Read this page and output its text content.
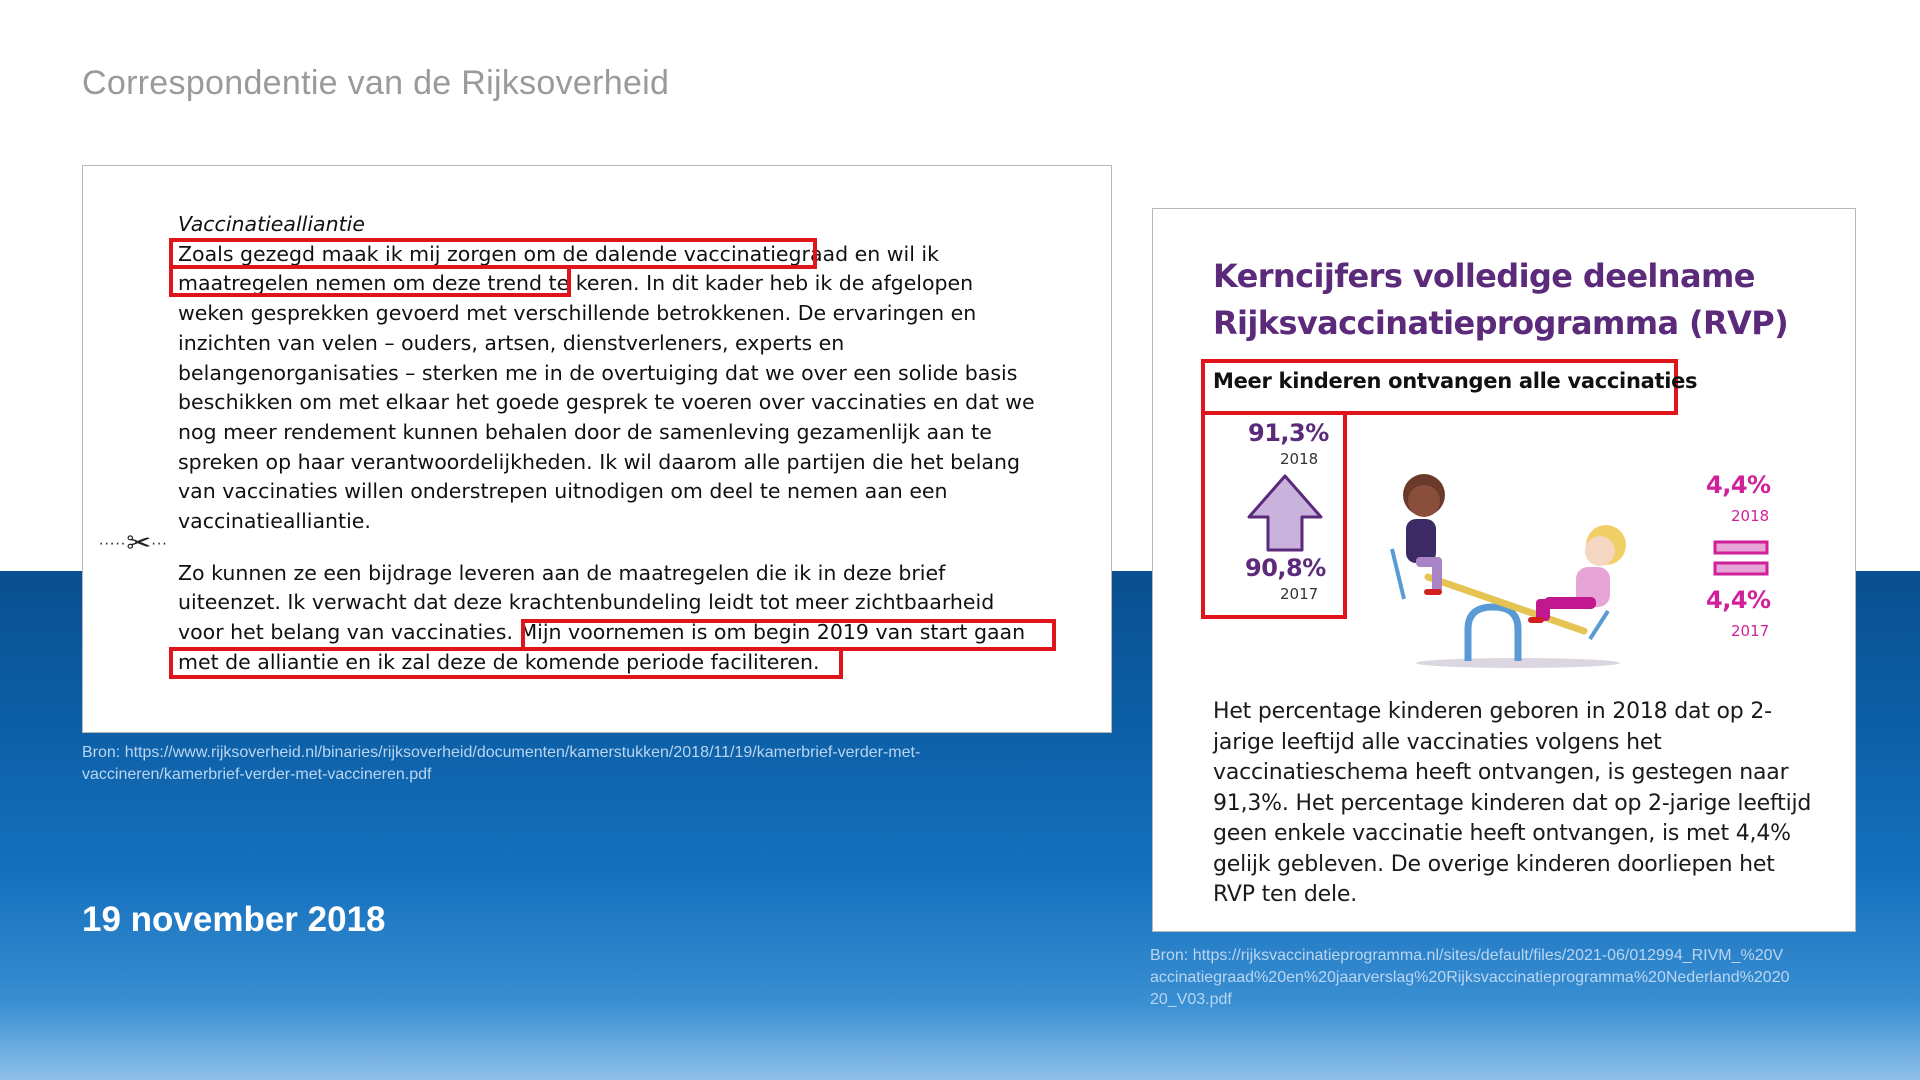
Correspondentie van de Rijksoverheid

Vaccinatiealliantie

Zoals gezegd maak ik mij zorgen om de dalende vaccinatiegraad en wil ik maatregelen nemen om deze trend te keren. In dit kader heb ik de afgelopen weken gesprekken gevoerd met verschillende betrokkenen. De ervaringen en inzichten van velen – ouders, artsen, dienstverleners, experts en belangenorganisaties – sterken me in de overtuiging dat we over een solide basis beschikken om met elkaar het goede gesprek te voeren over vaccinaties en dat we nog meer rendement kunnen behalen door de samenleving gezamenlijk aan te spreken op haar verantwoordelijkheden. Ik wil daarom alle partijen die het belang van vaccinaties willen onderstrepen uitnodigen om deel te nemen aan een vaccinatiealliantie.

Zo kunnen ze een bijdrage leveren aan de maatregelen die ik in deze brief uiteenzet. Ik verwacht dat deze krachtenbundeling leidt tot meer zichtbaarheid voor het belang van vaccinaties. Mijn voornemen is om begin 2019 van start gaan met de alliantie en ik zal deze de komende periode faciliteren.

·····✂···
Bron: https://www.rijksoverheid.nl/binaries/rijksoverheid/documenten/kamerstukken/2018/11/19/kamerbrief-verder-met-vaccineren/kamerbrief-verder-met-vaccineren.pdf
19 november 2018
Kerncijfers volledige deelname Rijksvaccinatieprogramma (RVP)
Meer kinderen ontvangen alle vaccinaties
91,3%
2018
90,8%
2017
4,4%
2018
4,4%
2017
Het percentage kinderen geboren in 2018 dat op 2-jarige leeftijd alle vaccinaties volgens het vaccinatieschema heeft ontvangen, is gestegen naar 91,3%. Het percentage kinderen dat op 2-jarige leeftijd geen enkele vaccinatie heeft ontvangen, is met 4,4% gelijk gebleven. De overige kinderen doorliepen het RVP ten dele.
Bron: https://rijksvaccinatieprogramma.nl/sites/default/files/2021-06/012994_RIVM_%20Vaccinatiegraad%20en%20jaarverslag%20Rijksvaccinatieprogramma%20Nederland%202020_V03.pdf
